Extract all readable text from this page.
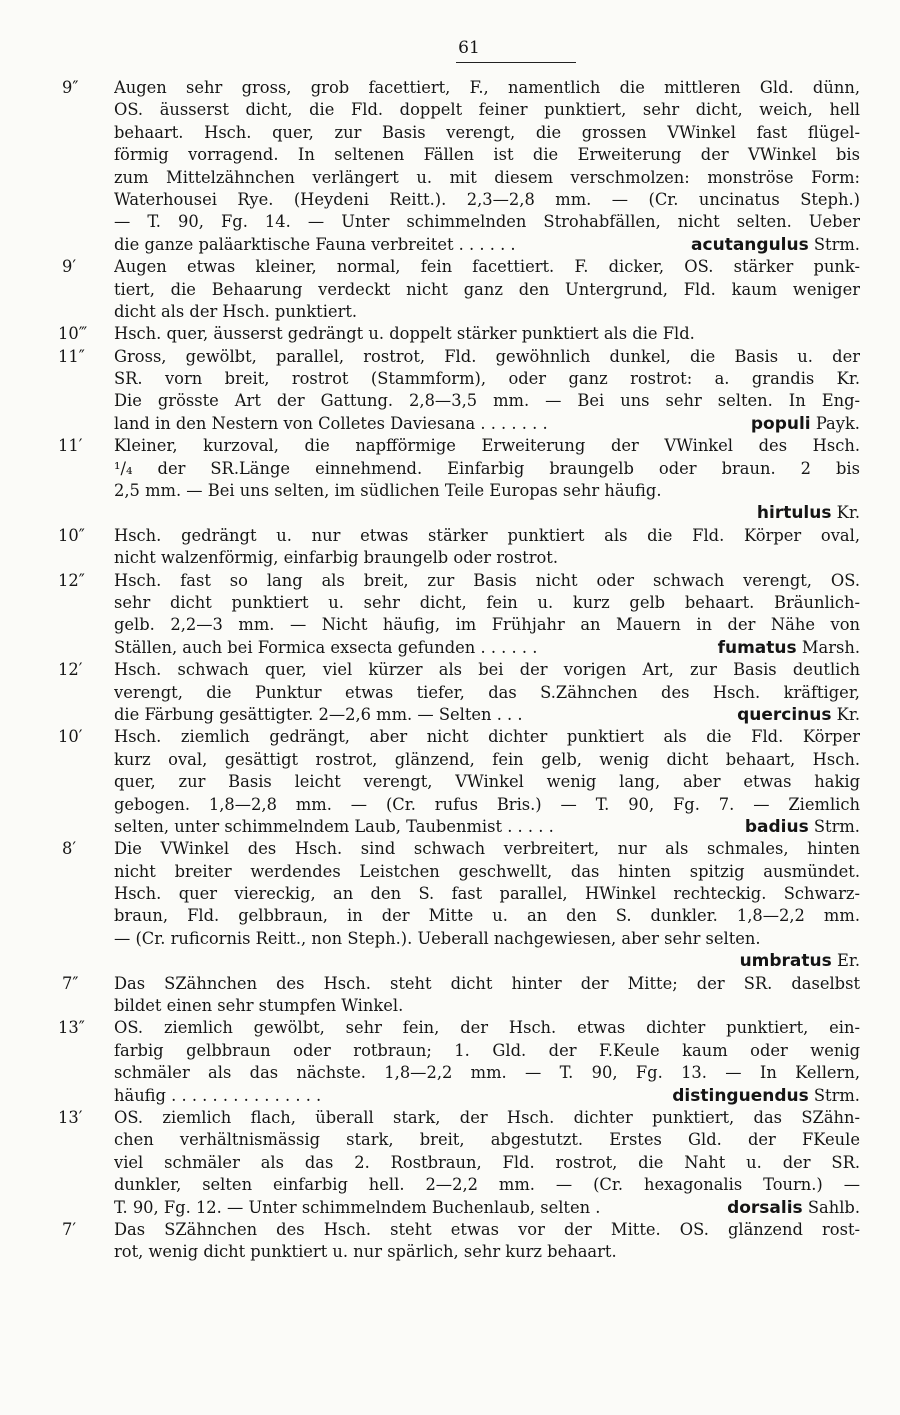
61
9″	Augen sehr gross, grob facettiert, F., namentlich die mittleren Gld. dünn,
OS. äusserst dicht, die Fld. doppelt feiner punktiert, sehr dicht, weich, hell
behaart. Hsch. quer, zur Basis verengt, die grossen VWinkel fast flügel-
förmig vorragend. In seltenen Fällen ist die Erweiterung der VWinkel bis
zum Mittelzähnchen verlängert u. mit diesem verschmolzen: monströse Form:
Waterhousei Rye. (Heydeni Reitt.). 2,3—2,8 mm. — (Cr. uncinatus Steph.)
— T. 90, Fg. 14. — Unter schimmelnden Strohabfällen, nicht selten. Ueber
die ganze paläarktische Fauna verbreitet . . . . . .	acutangulus Strm.
9′	Augen etwas kleiner, normal, fein facettiert. F. dicker, OS. stärker punk-
tiert, die Behaarung verdeckt nicht ganz den Untergrund, Fld. kaum weniger
dicht als der Hsch. punktiert.
10‴	Hsch. quer, äusserst gedrängt u. doppelt stärker punktiert als die Fld.
11″	Gross, gewölbt, parallel, rostrot, Fld. gewöhnlich dunkel, die Basis u. der
SR. vorn breit, rostrot (Stammform), oder ganz rostrot: a. grandis Kr.
Die grösste Art der Gattung. 2,8—3,5 mm. — Bei uns sehr selten. In Eng-
land in den Nestern von Colletes Daviesana . . . . . . .	populi Payk.
11′	Kleiner, kurzoval, die napfförmige Erweiterung der VWinkel des Hsch.
¹/₄ der SR.Länge einnehmend. Einfarbig braungelb oder braun. 2 bis
2,5 mm. — Bei uns selten, im südlichen Teile Europas sehr häufig.
hirtulus Kr.
10″	Hsch. gedrängt u. nur etwas stärker punktiert als die Fld. Körper oval,
nicht walzenförmig, einfarbig braungelb oder rostrot.
12″	Hsch. fast so lang als breit, zur Basis nicht oder schwach verengt, OS.
sehr dicht punktiert u. sehr dicht, fein u. kurz gelb behaart. Bräunlich-
gelb. 2,2—3 mm. — Nicht häufig, im Frühjahr an Mauern in der Nähe von
Ställen, auch bei Formica exsecta gefunden . . . . . .	fumatus Marsh.
12′	Hsch. schwach quer, viel kürzer als bei der vorigen Art, zur Basis deutlich
verengt, die Punktur etwas tiefer, das S.Zähnchen des Hsch. kräftiger,
die Färbung gesättigter. 2—2,6 mm. — Selten . . .	quercinus Kr.
10′	Hsch. ziemlich gedrängt, aber nicht dichter punktiert als die Fld. Körper
kurz oval, gesättigt rostrot, glänzend, fein gelb, wenig dicht behaart, Hsch.
quer, zur Basis leicht verengt, VWinkel wenig lang, aber etwas hakig
gebogen. 1,8—2,8 mm. — (Cr. rufus Bris.) — T. 90, Fg. 7. — Ziemlich
selten, unter schimmelndem Laub, Taubenmist . . . . .	badius Strm.
8′	Die VWinkel des Hsch. sind schwach verbreitert, nur als schmales, hinten
nicht breiter werdendes Leistchen geschwellt, das hinten spitzig ausmündet.
Hsch. quer viereckig, an den S. fast parallel, HWinkel rechteckig. Schwarz-
braun, Fld. gelbbraun, in der Mitte u. an den S. dunkler. 1,8—2,2 mm.
— (Cr. ruficornis Reitt., non Steph.). Ueberall nachgewiesen, aber sehr selten.
umbratus Er.
7″	Das SZähnchen des Hsch. steht dicht hinter der Mitte; der SR. daselbst
bildet einen sehr stumpfen Winkel.
13″	OS. ziemlich gewölbt, sehr fein, der Hsch. etwas dichter punktiert, ein-
farbig gelbbraun oder rotbraun; 1. Gld. der F.Keule kaum oder wenig
schmäler als das nächste. 1,8—2,2 mm. — T. 90, Fg. 13. — In Kellern,
häufig . . . . . . . . . . . . . . .	distinguendus Strm.
13′	OS. ziemlich flach, überall stark, der Hsch. dichter punktiert, das SZähn-
chen verhältnismässig stark, breit, abgestutzt. Erstes Gld. der FKeule
viel schmäler als das 2. Rostbraun, Fld. rostrot, die Naht u. der SR.
dunkler, selten einfarbig hell. 2—2,2 mm. — (Cr. hexagonalis Tourn.) —
T. 90, Fg. 12. — Unter schimmelndem Buchenlaub, selten .	dorsalis Sahlb.
7′	Das SZähnchen des Hsch. steht etwas vor der Mitte. OS. glänzend rost-
rot, wenig dicht punktiert u. nur spärlich, sehr kurz behaart.
